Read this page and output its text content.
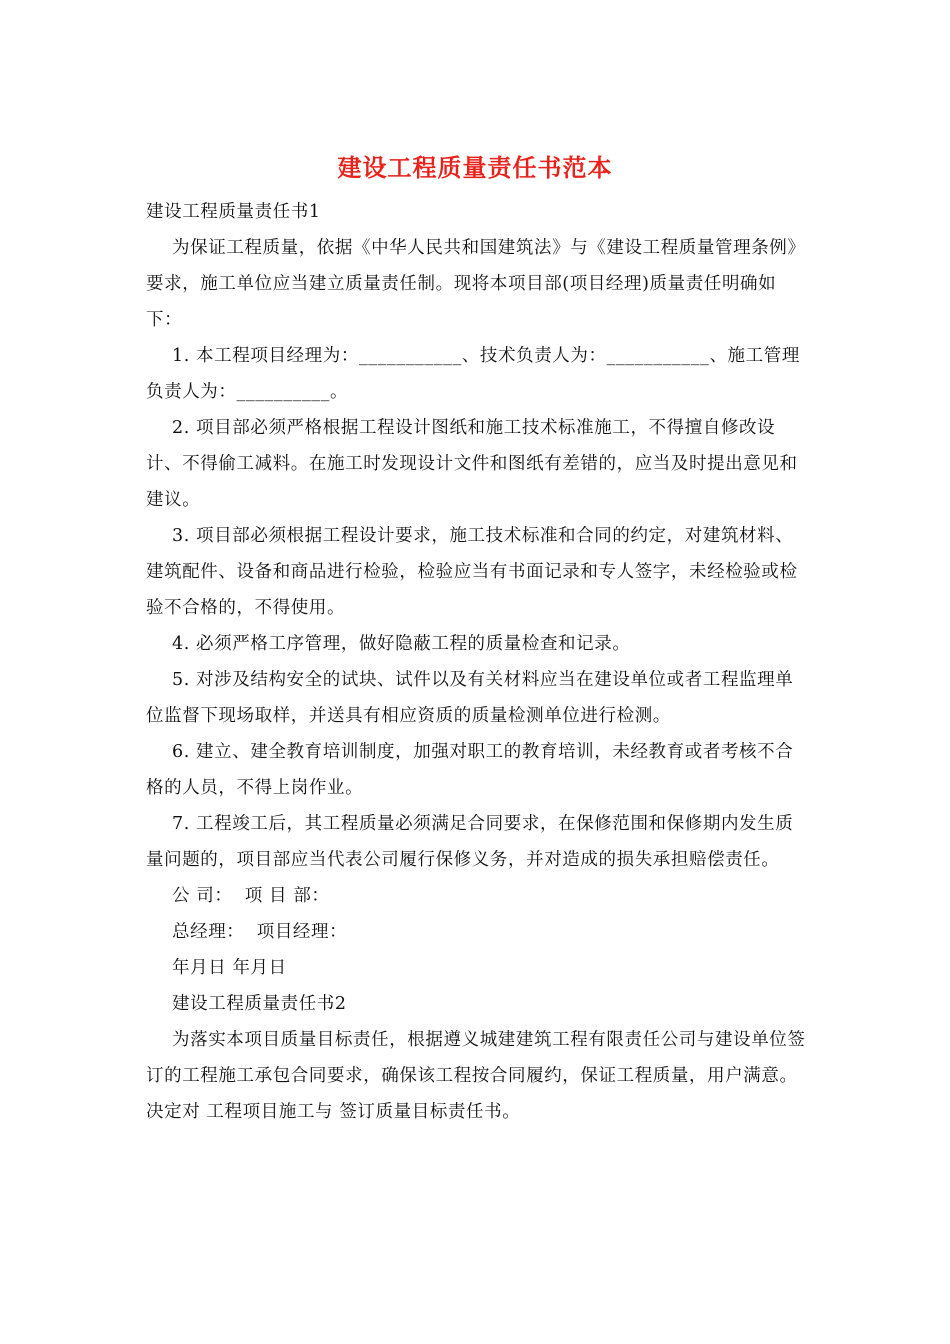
建设工程质量责任书范本

建设工程质量责任书1

为保证工程质量，依据《中华人民共和国建筑法》与《建设工程质量管理条例》要求，施工单位应当建立质量责任制。现将本项目部(项目经理)质量责任明确如下：

1. 本工程项目经理为：___________、技术负责人为：___________、施工管理负责人为：__________。

2. 项目部必须严格根据工程设计图纸和施工技术标准施工，不得擅自修改设计、不得偷工减料。在施工时发现设计文件和图纸有差错的，应当及时提出意见和建议。

3. 项目部必须根据工程设计要求，施工技术标准和合同的约定，对建筑材料、建筑配件、设备和商品进行检验，检验应当有书面记录和专人签字，未经检验或检验不合格的，不得使用。

4. 必须严格工序管理，做好隐蔽工程的质量检查和记录。

5. 对涉及结构安全的试块、试件以及有关材料应当在建设单位或者工程监理单位监督下现场取样，并送具有相应资质的质量检测单位进行检测。

6. 建立、建全教育培训制度，加强对职工的教育培训，未经教育或者考核不合格的人员，不得上岗作业。

7. 工程竣工后，其工程质量必须满足合同要求，在保修范围和保修期内发生质量问题的，项目部应当代表公司履行保修义务，并对造成的损失承担赔偿责任。

公 司：  项 目 部：

总经理：  项目经理：

年月日 年月日

建设工程质量责任书2

为落实本项目质量目标责任，根据遵义城建建筑工程有限责任公司与建设单位签订的工程施工承包合同要求，确保该工程按合同履约，保证工程质量，用户满意。决定对 工程项目施工与 签订质量目标责任书。
